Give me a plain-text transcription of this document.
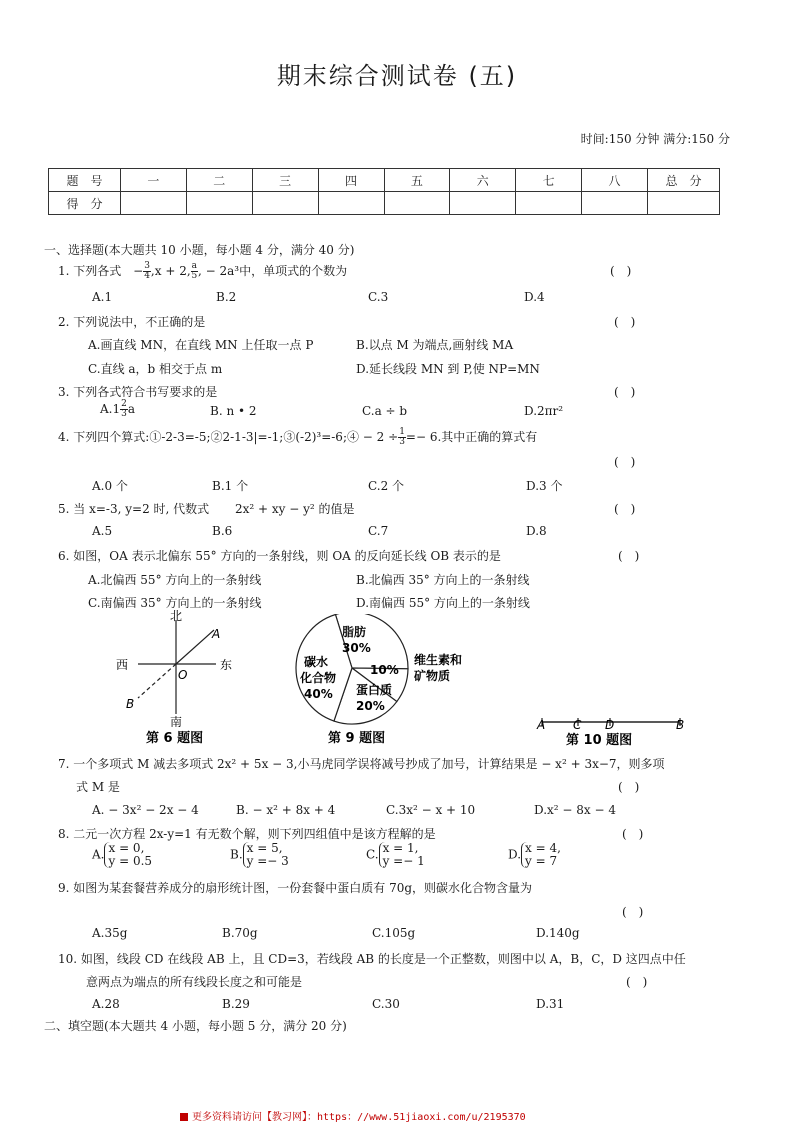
期末综合测试卷 (五)
时间:150 分钟 满分:150 分
题　号	一	二	三	四	五	六	七	八	总　分
得　分									
一、选择题(本大题共 10 小题，每小题 4 分，满分 40 分)
1. 下列各式 − $\frac{3}{4} ,x + 2$, $\frac{a}{5}$ , − 2a³中，单项式的个数为	(　)
A.1	B.2	C.3	D.4
2. 下列说法中，不正确的是	(　)
A.画直线 MN，在直线 MN 上任取一点 P	B.以点 M 为端点,画射线 MA
C.直线 a，b 相交于点 m	D.延长线段 MN 到 P,使 NP=MN
3. 下列各式符合书写要求的是	(　)
$A.1 \frac{2}{3}$ a	B. n • 2	C.a ÷ b	D.2πr²
4. 下列四个算式:①-2-3=-5;②2-1-3|=-1;③(-2)³=-6;④ − $2 \div \frac{1}{3} =- 6$.其中正确的算式有
(　)
A.0 个	B.1 个	C.2 个	D.3 个
5. 当 x=-3, y=2 时, 代数式 2x² + xy − y² 的值是	(　)
A.5	B.6	C.7	D.8
6. 如图，OA 表示北偏东 55° 方向的一条射线，则 OA 的反向延长线 OB 表示的是	(　)
A.北偏西 55° 方向上的一条射线	B.北偏西 35° 方向上的一条射线
C.南偏西 35° 方向上的一条射线	D.南偏西 55° 方向上的一条射线
北
南
西	东
A
O
B
第 6 题图
脂肪
30%
碳水
化合物
40%
10%
维生素和
矿物质
蛋白质
20%
第 9 题图
A C D	B
第 10 题图
7. 一个多项式 M 减去多项式 2x² + 5x − 3,小马虎同学误将减号抄成了加号，计算结果是 − x² + 3x−7，则多项
式 M 是	(　)
A. − 3x² − 2x − 4	B. − x² + 8x + 4	C.3x² − x + 10	D.x² − 8x − 4
8. 二元一次方程 2x-y=1 有无数个解，则下列四组值中是该方程解的是	(　)
A. x = 0,
y = 0.5	B. x = 5,
y =− 3	C. x = 1,
y =− 1	D. x = 4,
y = 7
9. 如图为某套餐营养成分的扇形统计图，一份套餐中蛋白质有 70g，则碳水化合物含量为
(　)
A.35g	B.70g	C.105g	D.140g
10. 如图，线段 CD 在线段 AB 上，且 CD=3，若线段 AB 的长度是一个正整数，则图中以 A，B，C，D 这四点中任
意两点为端点的所有线段长度之和可能是	(　)
A.28	B.29	C.30	D.31
二、填空题(本大题共 4 小题，每小题 5 分，满分 20 分)
更多资料请访问【教习网】：https：//www.51jiaoxi.com/u/2195370
